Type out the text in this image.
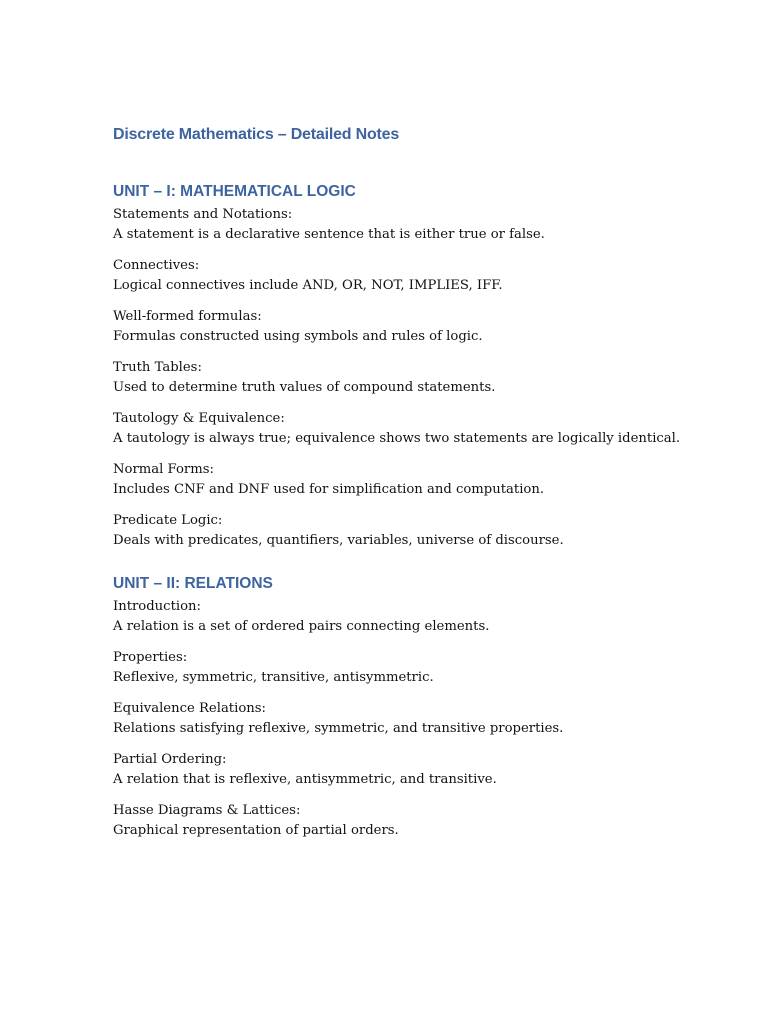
Discrete Mathematics – Detailed Notes
UNIT – I: MATHEMATICAL LOGIC

Statements and Notations:

A statement is a declarative sentence that is either true or false.

Connectives:

Logical connectives include AND, OR, NOT, IMPLIES, IFF.

Well-formed formulas:

Formulas constructed using symbols and rules of logic.

Truth Tables:

Used to determine truth values of compound statements.

Tautology & Equivalence:

A tautology is always true; equivalence shows two statements are logically identical.

Normal Forms:

Includes CNF and DNF used for simplification and computation.

Predicate Logic:

Deals with predicates, quantifiers, variables, universe of discourse.

UNIT – II: RELATIONS

Introduction:

A relation is a set of ordered pairs connecting elements.

Properties:

Reflexive, symmetric, transitive, antisymmetric.

Equivalence Relations:

Relations satisfying reflexive, symmetric, and transitive properties.

Partial Ordering:

A relation that is reflexive, antisymmetric, and transitive.

Hasse Diagrams & Lattices:

Graphical representation of partial orders.
